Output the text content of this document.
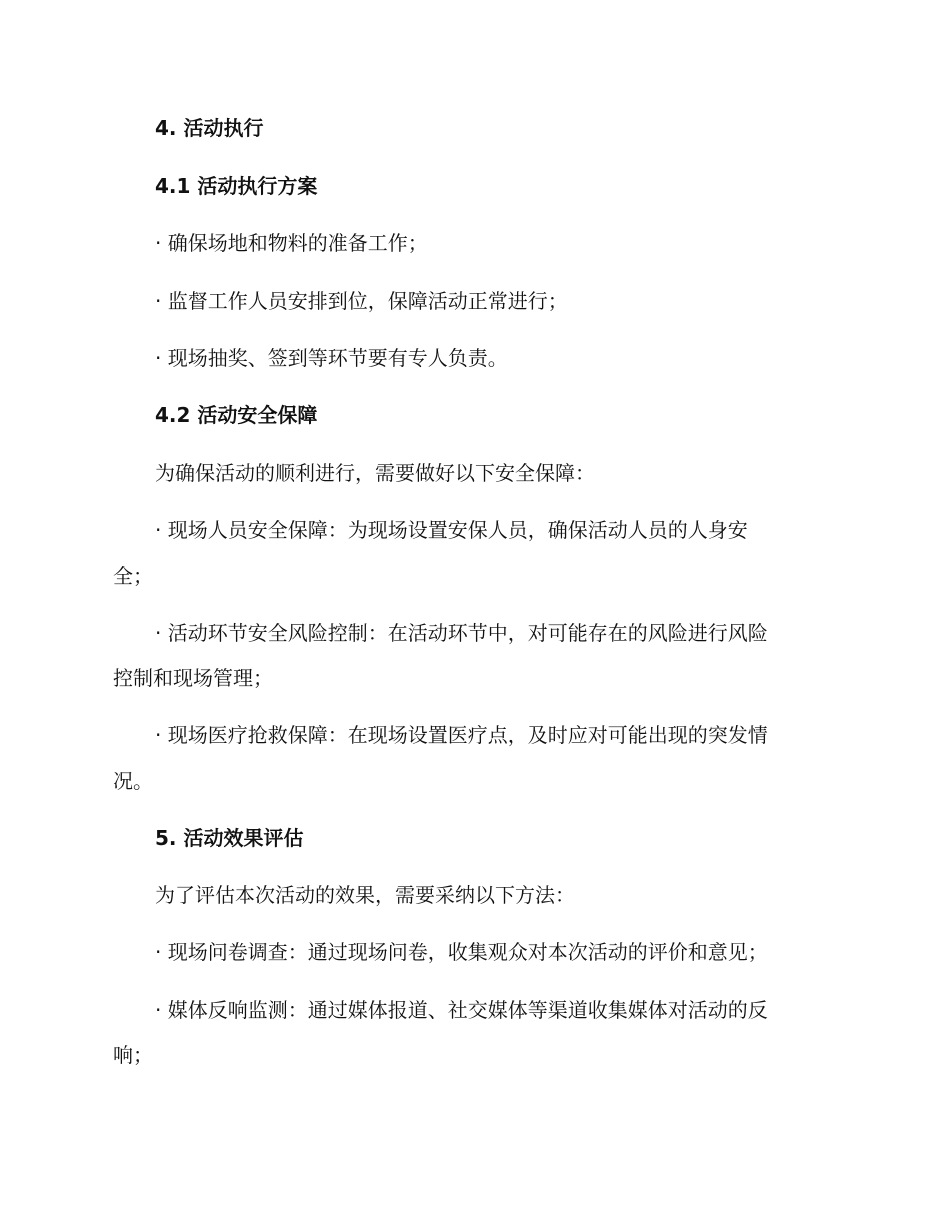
4. 活动执行
4.1 活动执行方案
· 确保场地和物料的准备工作；
· 监督工作人员安排到位，保障活动正常进行；
· 现场抽奖、签到等环节要有专人负责。
4.2 活动安全保障
为确保活动的顺利进行，需要做好以下安全保障：
· 现场人员安全保障：为现场设置安保人员，确保活动人员的人身安
全；
· 活动环节安全风险控制：在活动环节中，对可能存在的风险进行风险
控制和现场管理；
· 现场医疗抢救保障：在现场设置医疗点，及时应对可能出现的突发情
况。
5. 活动效果评估
为了评估本次活动的效果，需要采纳以下方法：
· 现场问卷调查：通过现场问卷，收集观众对本次活动的评价和意见；
· 媒体反响监测：通过媒体报道、社交媒体等渠道收集媒体对活动的反
响；
